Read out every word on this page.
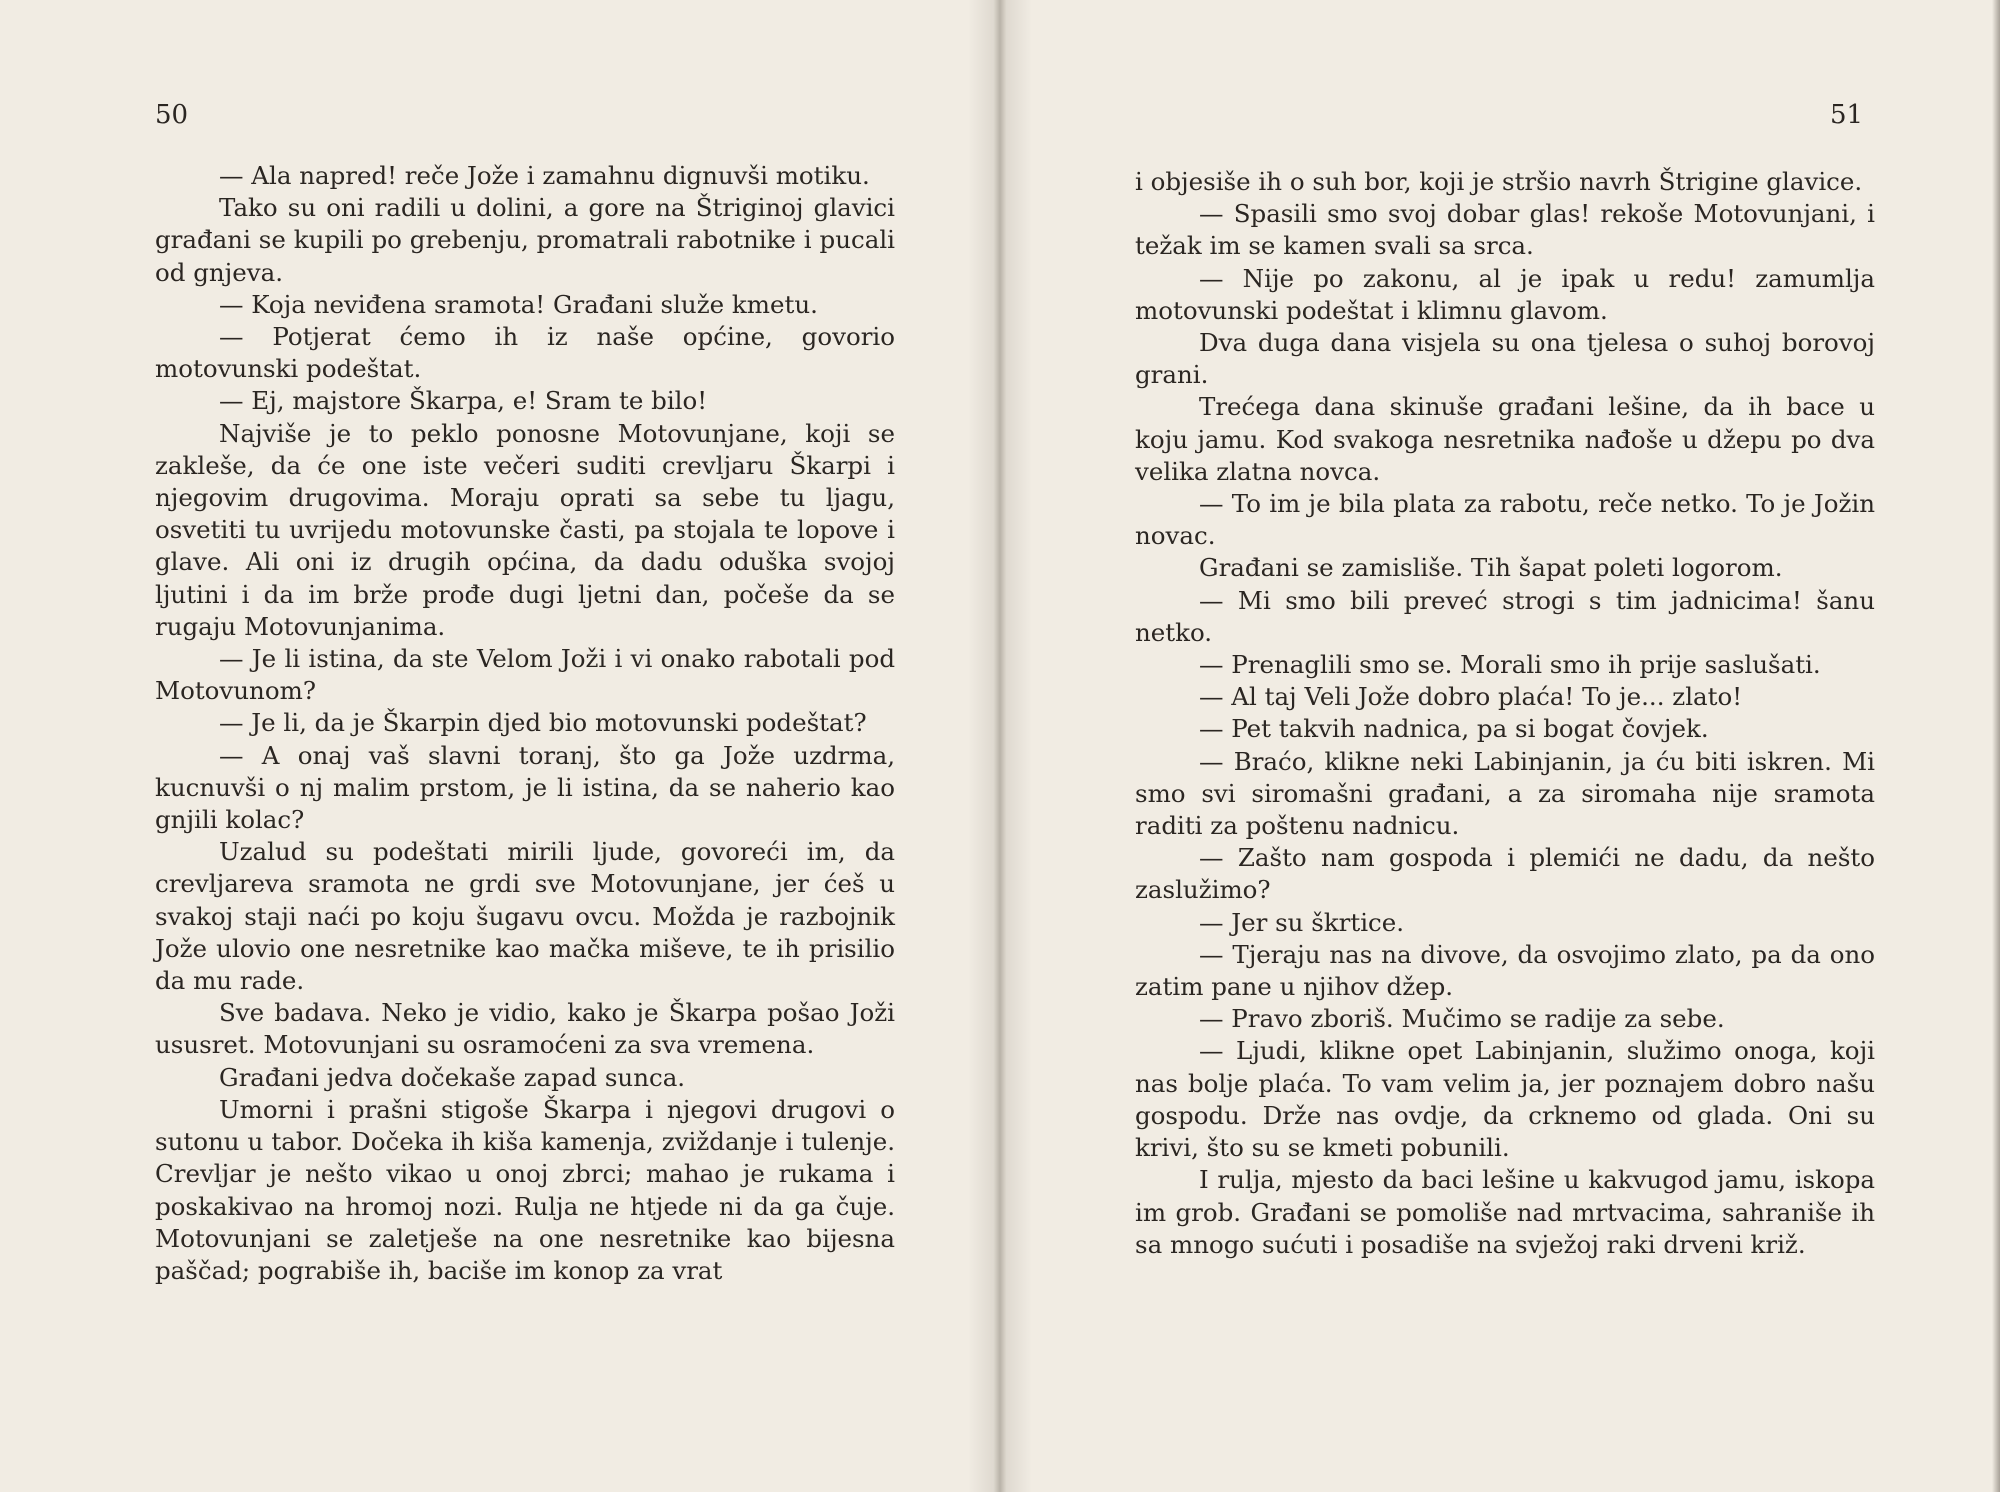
50

— Ala napred! reče Jože i zamahnu dignuvši motiku.

Tako su oni radili u dolini, a gore na Štriginoj glavici građani se kupili po grebenju, promatrali rabotnike i pucali od gnjeva.

— Koja neviđena sramota! Građani služe kmetu.

— Potjerat ćemo ih iz naše općine, govorio motovunski podeštat.

— Ej, majstore Škarpa, e! Sram te bilo!

Najviše je to peklo ponosne Motovunjane, koji se zakleše, da će one iste večeri suditi crevljaru Škarpi i njegovim drugovima. Moraju oprati sa sebe tu ljagu, osvetiti tu uvrijedu motovunske časti, pa stojala te lopove i glave. Ali oni iz drugih općina, da dadu oduška svojoj ljutini i da im brže prođe dugi ljetni dan, počeše da se rugaju Motovunjanima.

— Je li istina, da ste Velom Joži i vi onako rabotali pod Motovunom?

— Je li, da je Škarpin djed bio motovunski podeštat?

— A onaj vaš slavni toranj, što ga Jože uzdrma, kucnuvši o nj malim prstom, je li istina, da se naherio kao gnjili kolac?

Uzalud su podeštati mirili ljude, govoreći im, da crevljareva sramota ne grdi sve Motovunjane, jer ćeš u svakoj staji naći po koju šugavu ovcu. Možda je razbojnik Jože ulovio one nesretnike kao mačka miševe, te ih prisilio da mu rade.

Sve badava. Neko je vidio, kako je Škarpa pošao Joži ususret. Motovunjani su osramoćeni za sva vremena.

Građani jedva dočekaše zapad sunca.

Umorni i prašni stigoše Škarpa i njegovi drugovi o sutonu u tabor. Dočeka ih kiša kamenja, zviždanje i tulenje. Crevljar je nešto vikao u onoj zbrci; mahao je rukama i poskakivao na hromoj nozi. Rulja ne htjede ni da ga čuje. Motovunjani se zaletješe na one nesretnike kao bijesna paščad; pograbiše ih, baciše im konop za vrat

51

i objesiše ih o suh bor, koji je stršio navrh Štrigine glavice.

— Spasili smo svoj dobar glas! rekoše Motovunjani, i težak im se kamen svali sa srca.

— Nije po zakonu, al je ipak u redu! zamumlja motovunski podeštat i klimnu glavom.

Dva duga dana visjela su ona tjelesa o suhoj borovoj grani.

Trećega dana skinuše građani lešine, da ih bace u koju jamu. Kod svakoga nesretnika nađoše u džepu po dva velika zlatna novca.

— To im je bila plata za rabotu, reče netko. To je Jožin novac.

Građani se zamisliše. Tih šapat poleti logorom.

— Mi smo bili preveć strogi s tim jadnicima! šanu netko.

— Prenaglili smo se. Morali smo ih prije saslušati.

— Al taj Veli Jože dobro plaća! To je... zlato!

— Pet takvih nadnica, pa si bogat čovjek.

— Braćo, klikne neki Labinjanin, ja ću biti iskren. Mi smo svi siromašni građani, a za siromaha nije sramota raditi za poštenu nadnicu.

— Zašto nam gospoda i plemići ne dadu, da nešto zaslužimo?

— Jer su škrtice.

— Tjeraju nas na divove, da osvojimo zlato, pa da ono zatim pane u njihov džep.

— Pravo zboriš. Mučimo se radije za sebe.

— Ljudi, klikne opet Labinjanin, služimo onoga, koji nas bolje plaća. To vam velim ja, jer poznajem dobro našu gospodu. Drže nas ovdje, da crknemo od glada. Oni su krivi, što su se kmeti pobunili.

I rulja, mjesto da baci lešine u kakvugod jamu, iskopa im grob. Građani se pomoliše nad mrtvacima, sahraniše ih sa mnogo sućuti i posadiše na svježoj raki drveni križ.
